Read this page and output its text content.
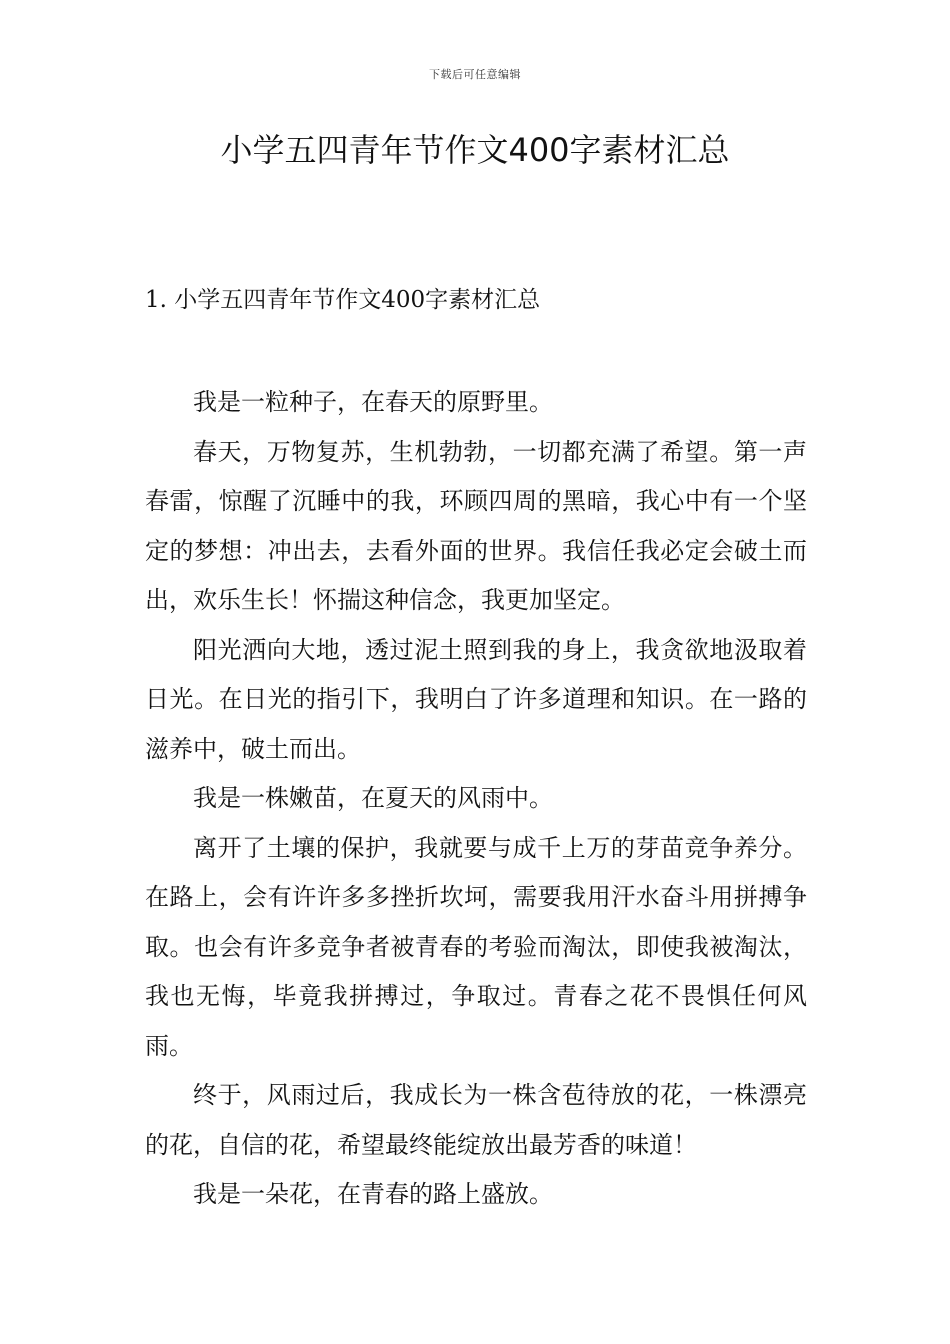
下载后可任意编辑
小学五四青年节作文400字素材汇总
1. 小学五四青年节作文400字素材汇总

我是一粒种子，在春天的原野里。

春天，万物复苏，生机勃勃，一切都充满了希望。第一声春雷，惊醒了沉睡中的我，环顾四周的黑暗，我心中有一个坚定的梦想：冲出去，去看外面的世界。我信任我必定会破土而出，欢乐生长！怀揣这种信念，我更加坚定。

阳光洒向大地，透过泥土照到我的身上，我贪欲地汲取着日光。在日光的指引下，我明白了许多道理和知识。在一路的滋养中，破土而出。

我是一株嫩苗，在夏天的风雨中。

离开了土壤的保护，我就要与成千上万的芽苗竞争养分。在路上，会有许许多多挫折坎坷，需要我用汗水奋斗用拼搏争取。也会有许多竞争者被青春的考验而淘汰，即使我被淘汰，我也无悔，毕竟我拼搏过，争取过。青春之花不畏惧任何风雨。

终于，风雨过后，我成长为一株含苞待放的花，一株漂亮的花，自信的花，希望最终能绽放出最芳香的味道！

我是一朵花，在青春的路上盛放。
